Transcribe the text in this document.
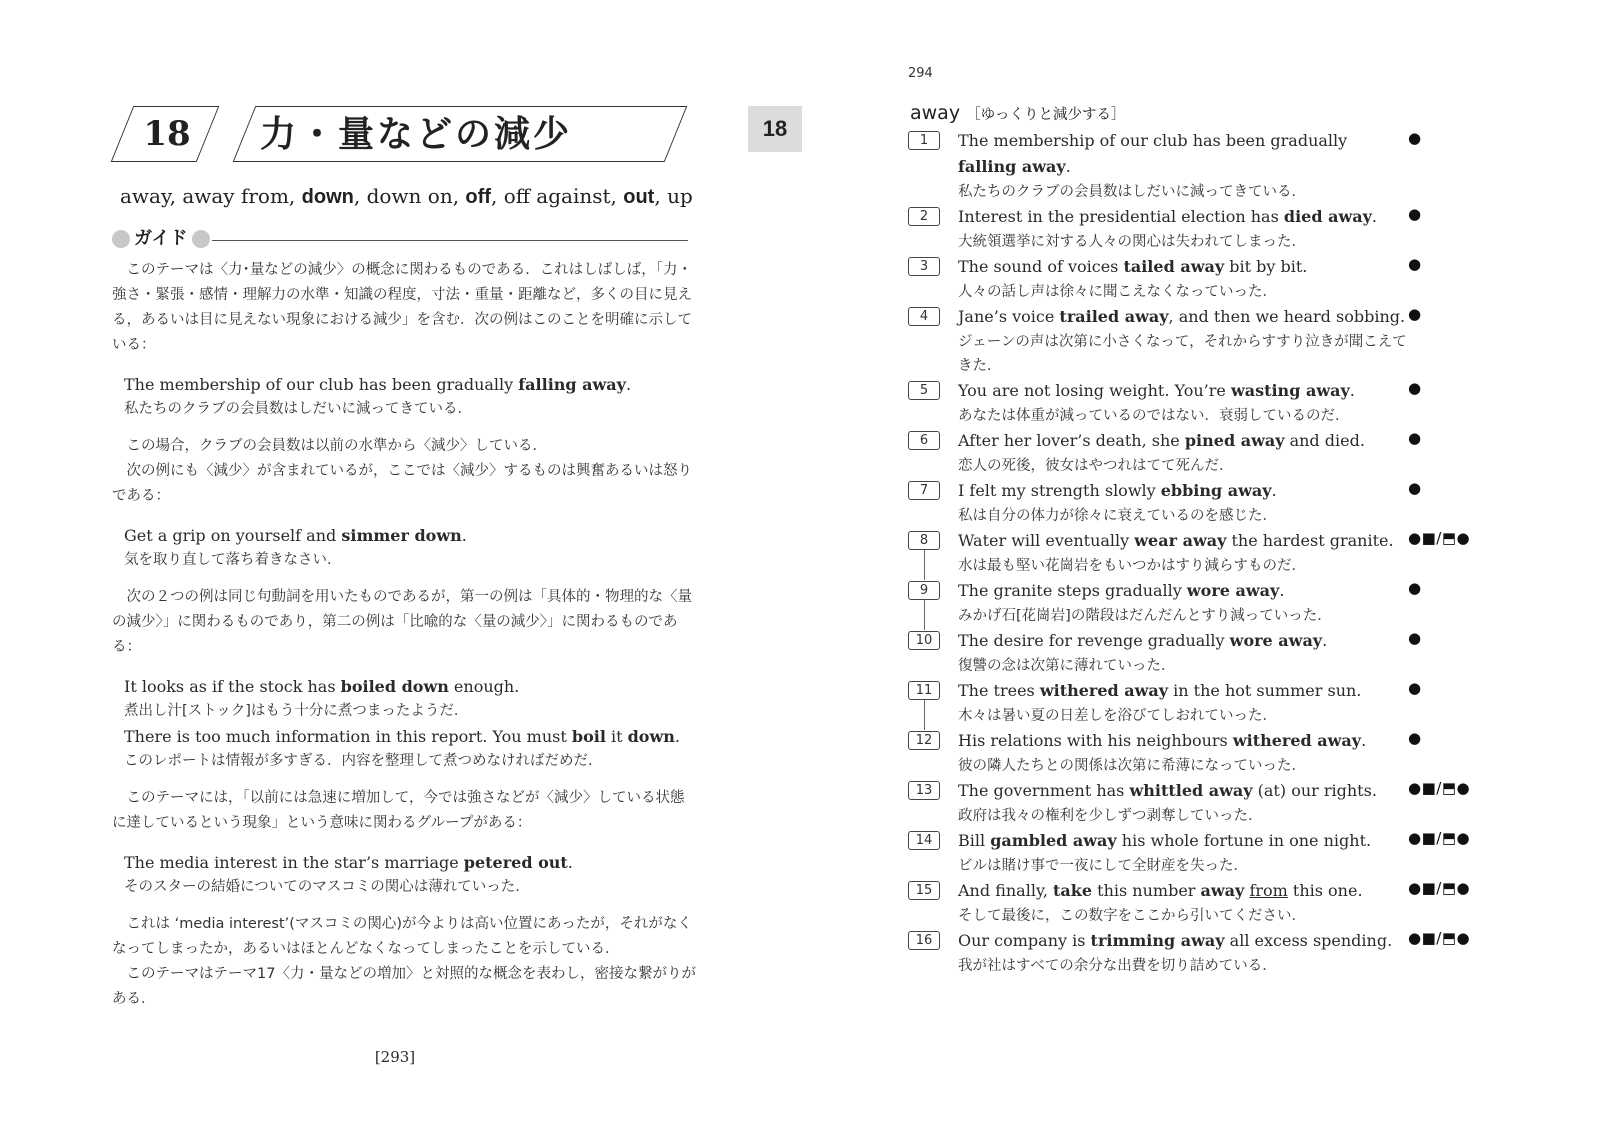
18	力・量などの減少
away, away from, down, down on, off, off against, out, up
ガイド

　このテーマは〈力･量などの減少〉の概念に関わるものである．これはしばしば，「力・強さ・緊張・感情・理解力の水準・知識の程度，寸法・重量・距離など，多くの目に見える，あるいは目に見えない現象における減少」を含む．次の例はこのことを明確に示している：

The membership of our club has been gradually falling away.
私たちのクラブの会員数はしだいに減ってきている．

　この場合，クラブの会員数は以前の水準から〈減少〉している．

　次の例にも〈減少〉が含まれているが，ここでは〈減少〉するものは興奮あるいは怒りである：

Get a grip on yourself and simmer down.
気を取り直して落ち着きなさい．

　次の２つの例は同じ句動詞を用いたものであるが，第一の例は「具体的・物理的な〈量の減少〉」に関わるものであり，第二の例は「比喩的な〈量の減少〉」に関わるものである：

It looks as if the stock has boiled down enough.
煮出し汁[ストック]はもう十分に煮つまったようだ．
There is too much information in this report. You must boil it down.
このレポートは情報が多すぎる．内容を整理して煮つめなければだめだ．

　このテーマには，「以前には急速に増加して，今では強さなどが〈減少〉している状態に達しているという現象」という意味に関わるグループがある：

The media interest in the star’s marriage petered out.
そのスターの結婚についてのマスコミの関心は薄れていった．

　これは ‘media interest’(マスコミの関心)が今よりは高い位置にあったが，それがなくなってしまったか，あるいはほとんどなくなってしまったことを示している．

　このテーマはテーマ17〈力・量などの増加〉と対照的な概念を表わし，密接な繋がりがある．

[293]
18
294
away ［ゆっくりと減少する］
1	The membership of our club has been gradually falling away.
私たちのクラブの会員数はしだいに減ってきている．
●
2	Interest in the presidential election has died away.
大統領選挙に対する人々の関心は失われてしまった．
●
3	The sound of voices tailed away bit by bit.
人々の話し声は徐々に聞こえなくなっていった．
●
4	Jane’s voice trailed away, and then we heard sobbing.
ジェーンの声は次第に小さくなって，それからすすり泣きが聞こえてきた．
●
5	You are not losing weight. You’re wasting away.
あなたは体重が減っているのではない．衰弱しているのだ．
●
6	After her lover’s death, she pined away and died.
恋人の死後，彼女はやつれはてて死んだ．
●
7	I felt my strength slowly ebbing away.
私は自分の体力が徐々に衰えているのを感じた．
●
8	Water will eventually wear away the hardest granite.
水は最も堅い花崗岩をもいつかはすり減らすものだ．
●■/⬒●
9	The granite steps gradually wore away.
みかげ石[花崗岩]の階段はだんだんとすり減っていった．
●
10	The desire for revenge gradually wore away.
復讐の念は次第に薄れていった．
●
11	The trees withered away in the hot summer sun.
木々は暑い夏の日差しを浴びてしおれていった．
●
12	His relations with his neighbours withered away.
彼の隣人たちとの関係は次第に希薄になっていった．
●
13	The government has whittled away (at) our rights.
政府は我々の権利を少しずつ剥奪していった．
●■/⬒●
14	Bill gambled away his whole fortune in one night.
ビルは賭け事で一夜にして全財産を失った．
●■/⬒●
15	And finally, take this number away from this one.
そして最後に，この数字をここから引いてください．
●■/⬒●
16	Our company is trimming away all excess spending.
我が社はすべての余分な出費を切り詰めている．
●■/⬒●
